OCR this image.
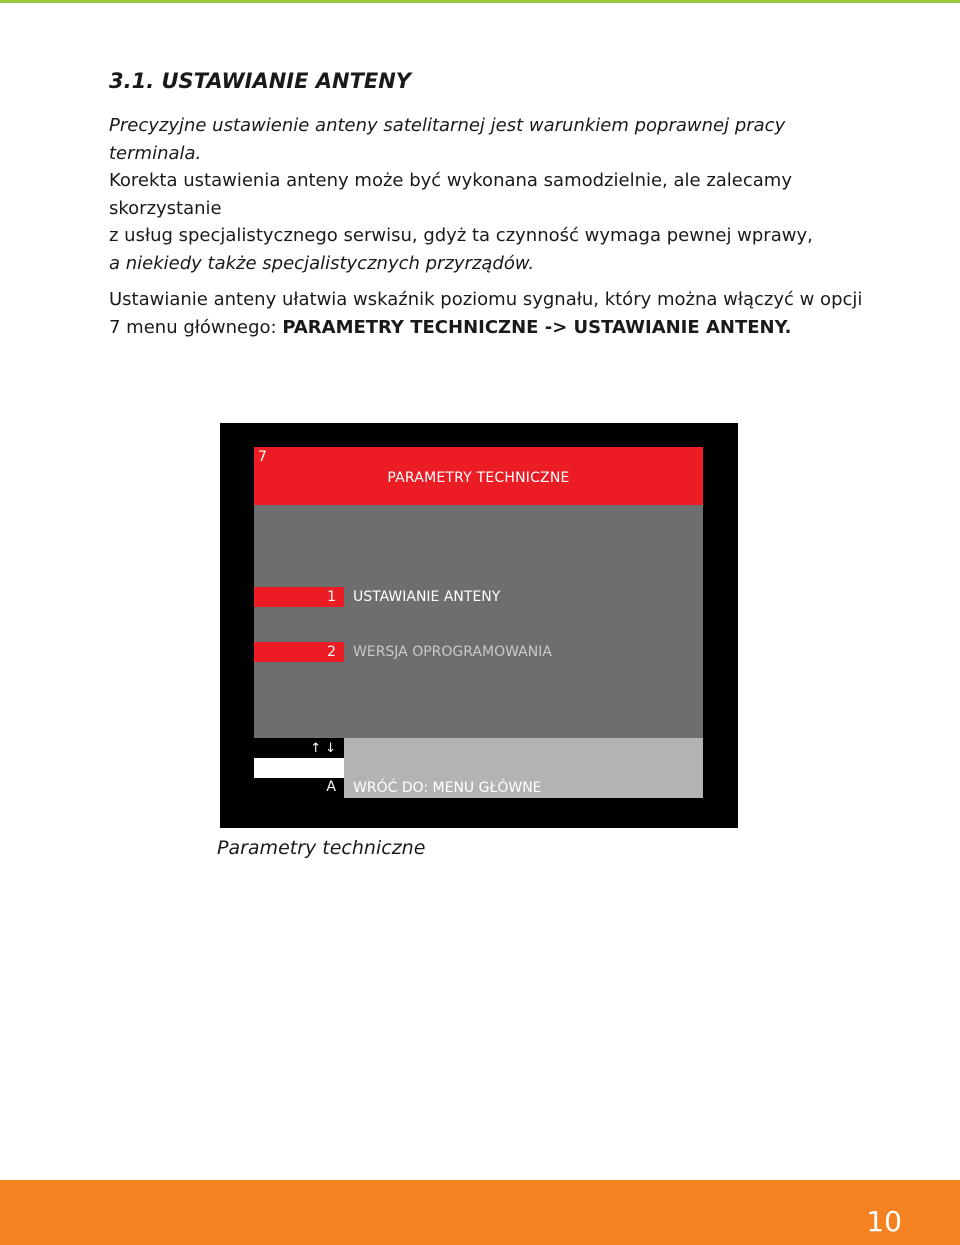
3.1. USTAWIANIE ANTENY

Precyzyjne ustawienie anteny satelitarnej jest warunkiem poprawnej pracy terminala.
Korekta ustawienia anteny może być wykonana samodzielnie, ale zalecamy skorzystanie
z usług specjalistycznego serwisu, gdyż ta czynność wymaga pewnej wprawy,
a niekiedy także specjalistycznych przyrządów.

Ustawianie anteny ułatwia wskaźnik poziomu sygnału, który można włączyć w opcji
7 menu głównego: PARAMETRY TECHNICZNE -> USTAWIANIE ANTENY.

7
PARAMETRY TECHNICZNE
1 USTAWIANIE ANTENY
2 WERSJA OPROGRAMOWANIA
↑↓
A WRÓĆ DO: MENU GŁÓWNE

Parametry techniczne

10
